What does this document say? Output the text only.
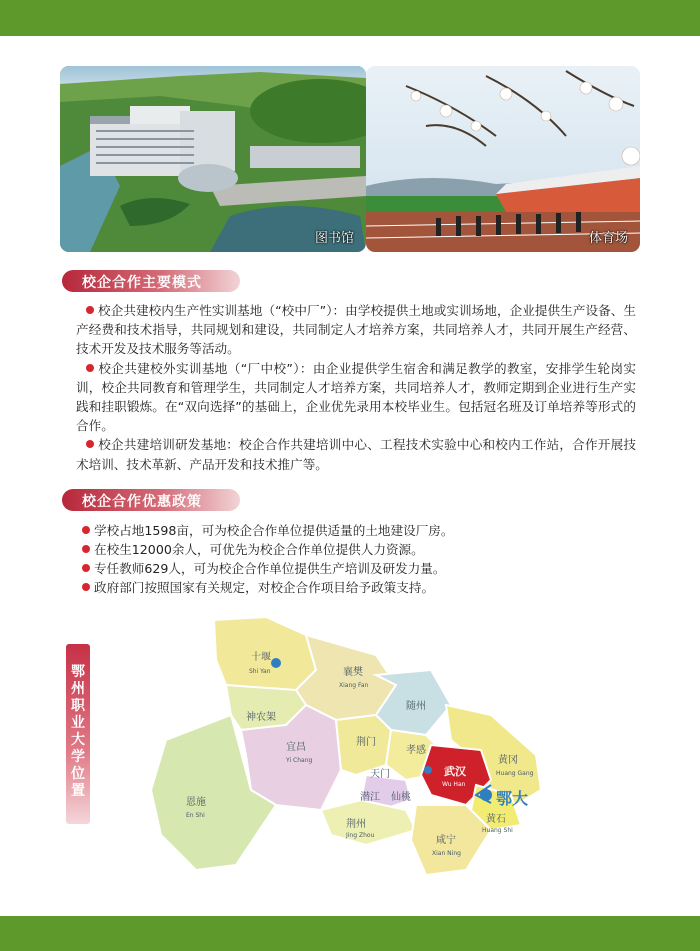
图书馆	体育场
校企合作主要模式

校企共建校内生产性实训基地（“校中厂”）：由学校提供土地或实训场地，企业提供生产设备、生产经费和技术指导，共同规划和建设，共同制定人才培养方案，共同培养人才，共同开展生产经营、技术开发及技术服务等活动。

校企共建校外实训基地（“厂中校”）：由企业提供学生宿舍和满足教学的教室，安排学生轮岗实训，校企共同教育和管理学生，共同制定人才培养方案，共同培养人才，教师定期到企业进行生产实践和挂职锻炼。在“双向选择”的基础上，企业优先录用本校毕业生。包括冠名班及订单培养等形式的合作。

校企共建培训研发基地：校企合作共建培训中心、工程技术实验中心和校内工作站，合作开展技术培训、技术革新、产品开发和技术推广等。

校企合作优惠政策
学校占地1598亩，可为校企合作单位提供适量的土地建设厂房。
在校生12000余人，可优先为校企合作单位提供人力资源。
专任教师629人，可为校企合作单位提供生产培训及研发力量。
政府部门按照国家有关规定，对校企合作项目给予政策支持。
鄂州职业大学位置
十堰
Shi Yan	襄樊
Xiang Fan
随州
神农架
宜昌
Yi Chang
荆门
孝感
黄冈
Huang Gang
天门
潜江 仙桃
黄石
Huang Shi
恩施
En Shi
荆州
Jing Zhou	咸宁
Xian Ning
武汉
Wu Han
鄂大
